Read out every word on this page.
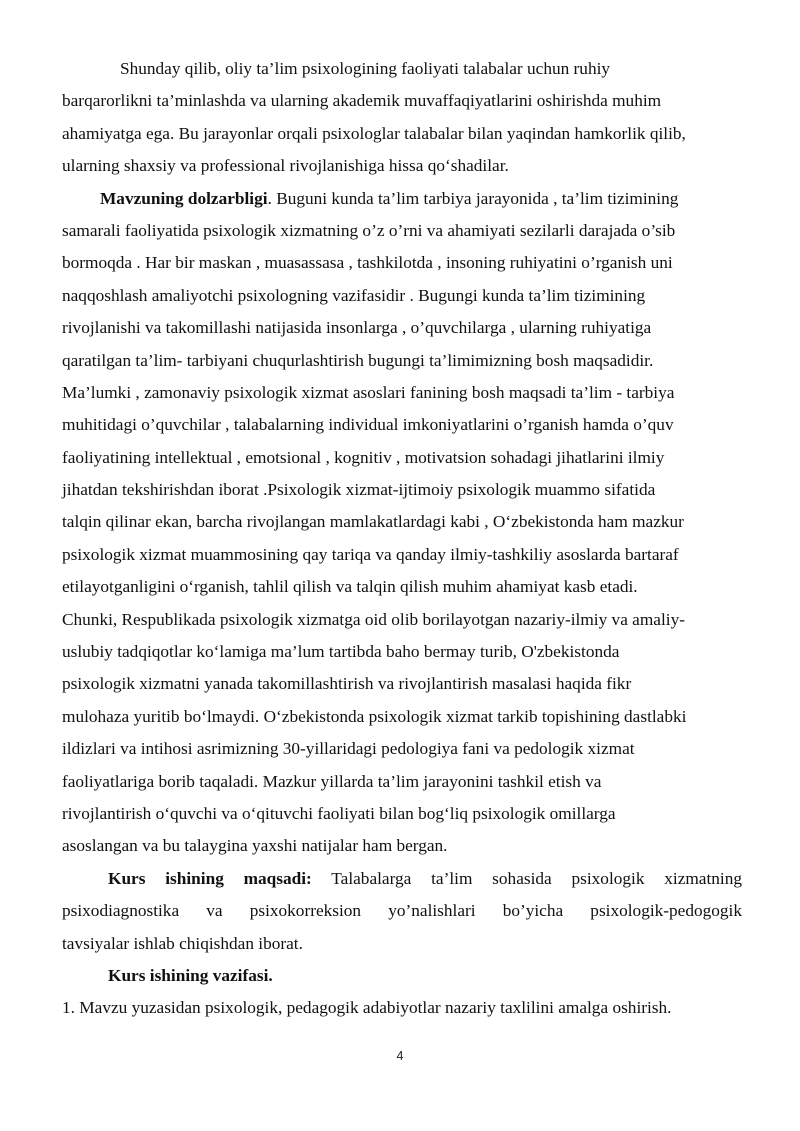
Shunday qilib, oliy ta’lim psixologining faoliyati talabalar uchun ruhiy
barqarorlikni ta’minlashda va ularning akademik muvaffaqiyatlarini oshirishda muhim
ahamiyatga ega. Bu jarayonlar orqali psixologlar talabalar bilan yaqindan hamkorlik qilib,
ularning shaxsiy va professional rivojlanishiga hissa qo‘shadilar.
Mavzuning dolzarbligi. Buguni kunda ta’lim tarbiya jarayonida , ta’lim tizimining
samarali faoliyatida psixologik xizmatning o’z o’rni va ahamiyati sezilarli darajada o’sib
bormoqda . Har bir maskan , muasassasa , tashkilotda , insoning ruhiyatini o’rganish uni
naqqoshlash amaliyotchi psixologning vazifasidir . Bugungi kunda ta’lim tizimining
rivojlanishi va takomillashi natijasida insonlarga , o’quvchilarga , ularning ruhiyatiga
qaratilgan ta’lim- tarbiyani chuqurlashtirish bugungi ta’limimizning bosh maqsadidir.
Ma’lumki , zamonaviy psixologik xizmat asoslari fanining bosh maqsadi ta’lim - tarbiya
muhitidagi o’quvchilar , talabalarning individual imkoniyatlarini o’rganish hamda o’quv
faoliyatining intellektual , emotsional , kognitiv , motivatsion sohadagi jihatlarini ilmiy
jihatdan tekshirishdan iborat .Psixologik xizmat-ijtimoiy psixologik muammo sifatida
talqin qilinar ekan, barcha rivojlangan mamlakatlardagi kabi , O‘zbekistonda ham mazkur
psixologik xizmat muammosining qay tariqa va qanday ilmiy-tashkiliy asoslarda bartaraf
etilayotganligini o‘rganish, tahlil qilish va talqin qilish muhim ahamiyat kasb etadi.
Chunki, Respublikada psixologik xizmatga oid olib borilayotgan nazariy-ilmiy va amaliy-
uslubiy tadqiqotlar ko‘lamiga ma’lum tartibda baho bermay turib, O'zbekistonda
psixologik xizmatni yanada takomillashtirish va rivojlantirish masalasi haqida fikr
mulohaza yuritib bo‘lmaydi. O‘zbekistonda psixologik xizmat tarkib topishining dastlabki
ildizlari va intihosi asrimizning 30-yillaridagi pedologiya fani va pedologik xizmat
faoliyatlariga borib taqaladi. Mazkur yillarda ta’lim jarayonini tashkil etish va
rivojlantirish o‘quvchi va o‘qituvchi faoliyati bilan bog‘liq psixologik omillarga
asoslangan va bu talaygina yaxshi natijalar ham bergan.
Kurs ishining maqsadi: Talabalarga ta’lim sohasida psixologik xizmatning
psixodiagnostika va psixokorreksion yo’nalishlari bo’yicha psixologik-pedogogik
tavsiyalar ishlab chiqishdan iborat.
Kurs ishining vazifasi.
1. Mavzu yuzasidan psixologik, pedagogik adabiyotlar nazariy taxlilini amalga oshirish.
4
